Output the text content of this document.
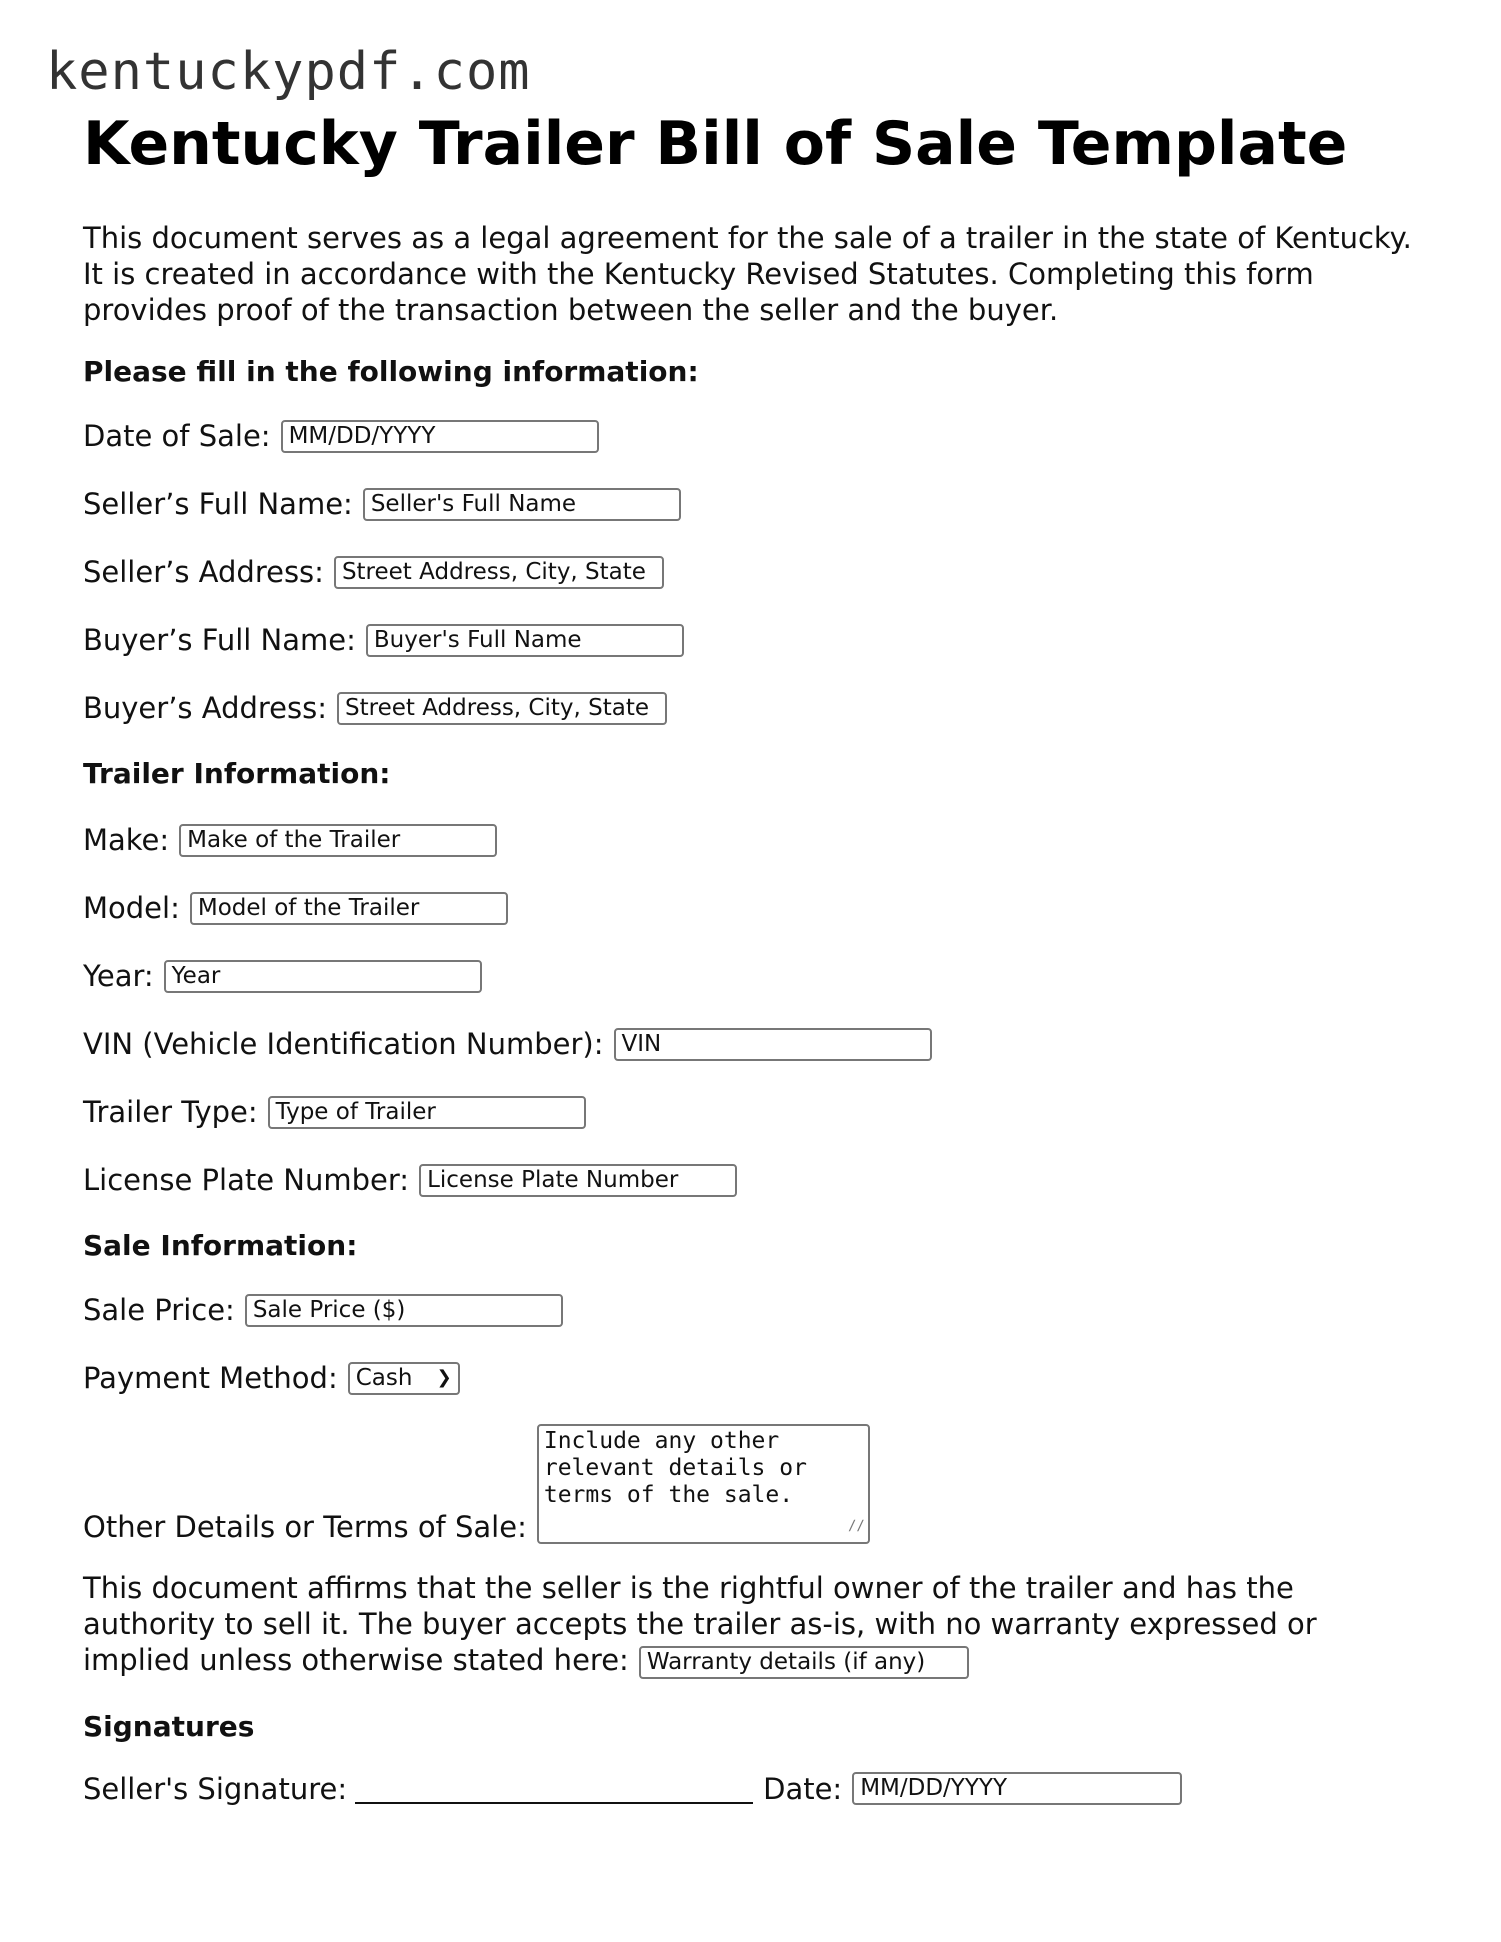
kentuckypdf.com
Kentucky Trailer Bill of Sale Template

This document serves as a legal agreement for the sale of a trailer in the state of Kentucky. It is created in accordance with the Kentucky Revised Statutes. Completing this form provides proof of the transaction between the seller and the buyer.

Please fill in the following information:

Date of Sale: MM/DD/YYYY
Seller’s Full Name: Seller's Full Name
Seller’s Address: Street Address, City, State
Buyer’s Full Name: Buyer's Full Name
Buyer’s Address: Street Address, City, State

Trailer Information:

Make: Make of the Trailer
Model: Model of the Trailer
Year: Year
VIN (Vehicle Identification Number): VIN
Trailer Type: Type of Trailer
License Plate Number: License Plate Number

Sale Information:

Sale Price: Sale Price ($)
Payment Method: Cash ❯
Other Details or Terms of Sale:
Include any other
relevant details or
terms of the sale.
∕∕

This document affirms that the seller is the rightful owner of the trailer and has the authority to sell it. The buyer accepts the trailer as-is, with no warranty expressed or implied unless otherwise stated here: Warranty details (if any)

Signatures

Seller's Signature:	Date: MM/DD/YYYY
